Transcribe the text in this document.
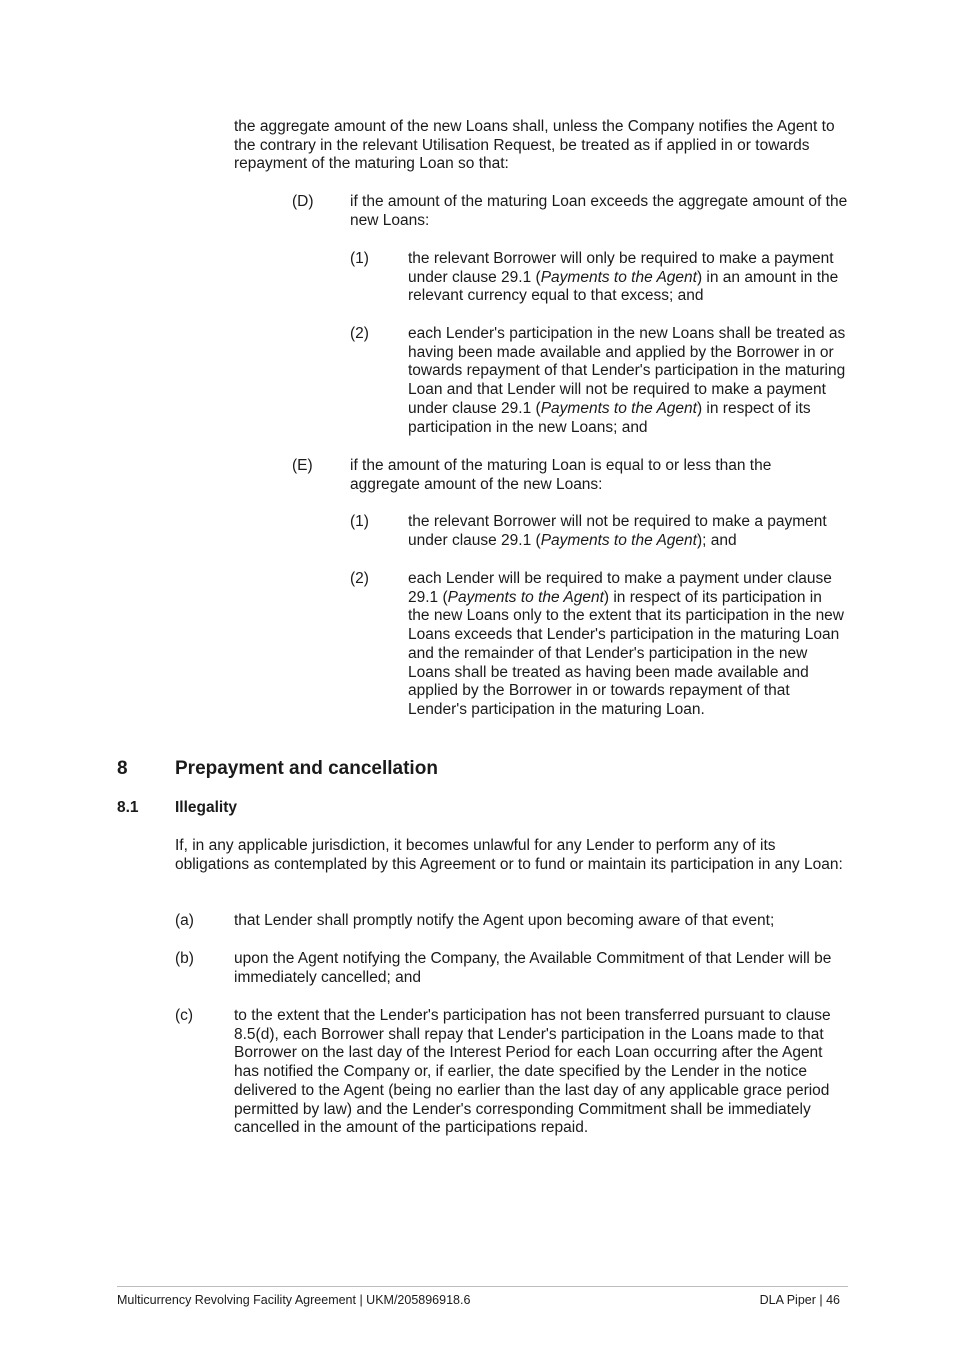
the aggregate amount of the new Loans shall, unless the Company notifies the Agent to the contrary in the relevant Utilisation Request, be treated as if applied in or towards repayment of the maturing Loan so that:

(D) if the amount of the maturing Loan exceeds the aggregate amount of the new Loans:

(1)	the relevant Borrower will only be required to make a payment under clause 29.1 (Payments to the Agent) in an amount in the relevant currency equal to that excess; and

(2)	each Lender's participation in the new Loans shall be treated as having been made available and applied by the Borrower in or towards repayment of that Lender's participation in the maturing Loan and that Lender will not be required to make a payment under clause 29.1 (Payments to the Agent) in respect of its participation in the new Loans; and

(E) if the amount of the maturing Loan is equal to or less than the aggregate amount of the new Loans:

(1)	the relevant Borrower will not be required to make a payment under clause 29.1 (Payments to the Agent); and

(2)	each Lender will be required to make a payment under clause 29.1 (Payments to the Agent) in respect of its participation in the new Loans only to the extent that its participation in the new Loans exceeds that Lender's participation in the maturing Loan and the remainder of that Lender's participation in the new Loans shall be treated as having been made available and applied by the Borrower in or towards repayment of that Lender's participation in the maturing Loan.

8 Prepayment and cancellation
8.1 Illegality

If, in any applicable jurisdiction, it becomes unlawful for any Lender to perform any of its obligations as contemplated by this Agreement or to fund or maintain its participation in any Loan:

(a)	that Lender shall promptly notify the Agent upon becoming aware of that event;

(b)	upon the Agent notifying the Company, the Available Commitment of that Lender will be immediately cancelled; and

(c)	to the extent that the Lender's participation has not been transferred pursuant to clause 8.5(d), each Borrower shall repay that Lender's participation in the Loans made to that Borrower on the last day of the Interest Period for each Loan occurring after the Agent has notified the Company or, if earlier, the date specified by the Lender in the notice delivered to the Agent (being no earlier than the last day of any applicable grace period permitted by law) and the Lender's corresponding Commitment shall be immediately cancelled in the amount of the participations repaid.

Multicurrency Revolving Facility Agreement | UKM/205896918.6	DLA Piper | 46
